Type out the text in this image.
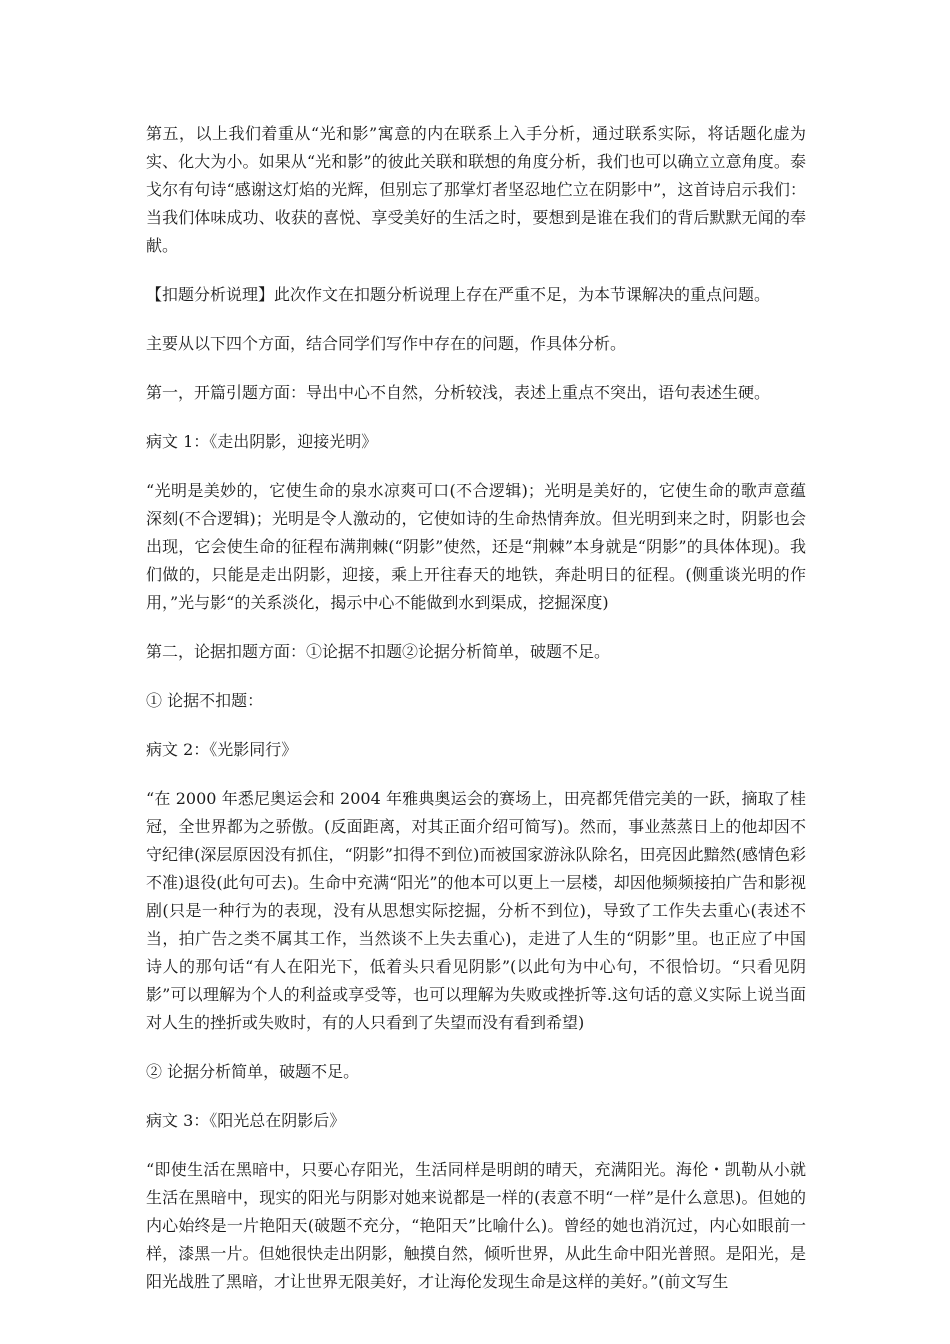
第五，以上我们着重从“光和影”寓意的内在联系上入手分析，通过联系实际，将话题化虚为实、化大为小。如果从“光和影”的彼此关联和联想的角度分析，我们也可以确立立意角度。泰戈尔有句诗“感谢这灯焰的光辉，但别忘了那掌灯者坚忍地伫立在阴影中”，这首诗启示我们：当我们体味成功、收获的喜悦、享受美好的生活之时，要想到是谁在我们的背后默默无闻的奉献。

【扣题分析说理】此次作文在扣题分析说理上存在严重不足，为本节课解决的重点问题。

主要从以下四个方面，结合同学们写作中存在的问题，作具体分析。

第一，开篇引题方面：导出中心不自然，分析较浅，表述上重点不突出，语句表述生硬。

病文 1：《走出阴影，迎接光明》

“光明是美妙的，它使生命的泉水凉爽可口(不合逻辑)；光明是美好的，它使生命的歌声意蕴深刻(不合逻辑)；光明是令人激动的，它使如诗的生命热情奔放。但光明到来之时，阴影也会出现，它会使生命的征程布满荆棘(“阴影”使然，还是“荆棘”本身就是“阴影”的具体体现)。我们做的，只能是走出阴影，迎接，乘上开往春天的地铁，奔赴明日的征程。(侧重谈光明的作用，”光与影“的关系淡化，揭示中心不能做到水到渠成，挖掘深度)

第二，论据扣题方面：①论据不扣题②论据分析简单，破题不足。

① 论据不扣题：

病文 2：《光影同行》

“在 2000 年悉尼奥运会和 2004 年雅典奥运会的赛场上，田亮都凭借完美的一跃，摘取了桂冠，全世界都为之骄傲。(反面距离，对其正面介绍可简写)。然而，事业蒸蒸日上的他却因不守纪律(深层原因没有抓住，“阴影”扣得不到位)而被国家游泳队除名，田亮因此黯然(感情色彩不准)退役(此句可去)。生命中充满“阳光”的他本可以更上一层楼，却因他频频接拍广告和影视剧(只是一种行为的表现，没有从思想实际挖掘，分析不到位)，导致了工作失去重心(表述不当，拍广告之类不属其工作，当然谈不上失去重心)，走进了人生的“阴影”里。也正应了中国诗人的那句话“有人在阳光下，低着头只看见阴影”(以此句为中心句，不很恰切。“只看见阴影”可以理解为个人的利益或享受等，也可以理解为失败或挫折等.这句话的意义实际上说当面对人生的挫折或失败时，有的人只看到了失望而没有看到希望)

② 论据分析简单，破题不足。

病文 3：《阳光总在阴影后》

“即使生活在黑暗中，只要心存阳光，生活同样是明朗的晴天，充满阳光。海伦・凯勒从小就生活在黑暗中，现实的阳光与阴影对她来说都是一样的(表意不明“一样”是什么意思)。但她的内心始终是一片艳阳天(破题不充分，“艳阳天”比喻什么)。曾经的她也消沉过，内心如眼前一样，漆黑一片。但她很快走出阴影，触摸自然，倾听世界，从此生命中阳光普照。是阳光，是阳光战胜了黑暗，才让世界无限美好，才让海伦发现生命是这样的美好。”(前文写生
